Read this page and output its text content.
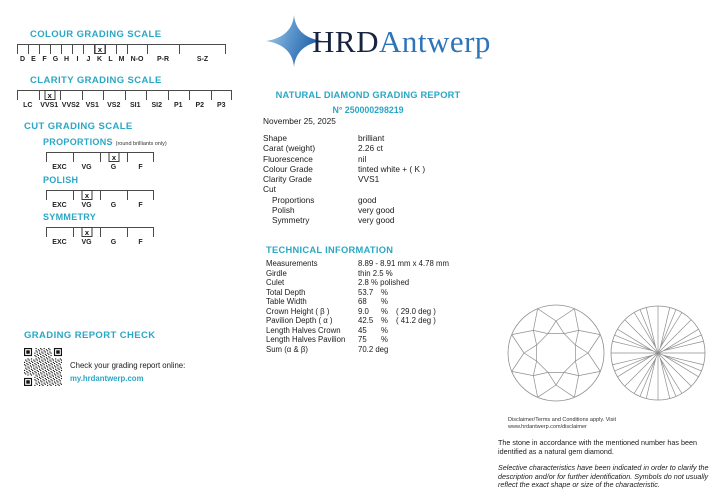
COLOUR GRADING SCALE
x
D E F G H	I	J K L M N-O	P-R	S-Z
CLARITY GRADING SCALE
x
LC	VVS1 VVS2 VS1	VS2	SI1	SI2	P1	P2	P3
CUT GRADING SCALE
PROPORTIONS (round brilliants only)
x
EXC	VG	G	F
POLISH
x
EXC	VG	G	F
SYMMETRY
x
EXC	VG	G	F
GRADING REPORT CHECK
Check your grading report online:
my.hrdantwerp.com
HRDAntwerp
NATURAL DIAMOND GRADING REPORT
N° 250000298219
November 25, 2025
Shape	brilliant
Carat (weight)	2.26 ct
Fluorescence	nil
Colour Grade	tinted white + ( K )
Clarity Grade	VVS1
Cut
Proportions	good
Polish	very good
Symmetry	very good
TECHNICAL INFORMATION
Measurements	8.89 - 8.91 mm x 4.78 mm
Girdle	thin 2.5 %
Culet	2.8 % polished
Total Depth	53.7	%
Table Width	68	%
Crown Height ( β )	9.0	%	( 29.0 deg )
Pavilion Depth ( α )	42.5	%	( 41.2 deg )
Length Halves Crown	45	%
Length Halves Pavilion	75	%
Sum (α & β)	70.2 deg
Disclaimer/Terms and Conditions apply. Visit www.hrdantwerp.com/disclaimer
The stone in accordance with the mentioned number has been identified as a natural gem diamond.
Selective characteristics have been indicated in order to clarify the description and/or for further identification. Symbols do not usually reflect the exact shape or size of the characteristic.
